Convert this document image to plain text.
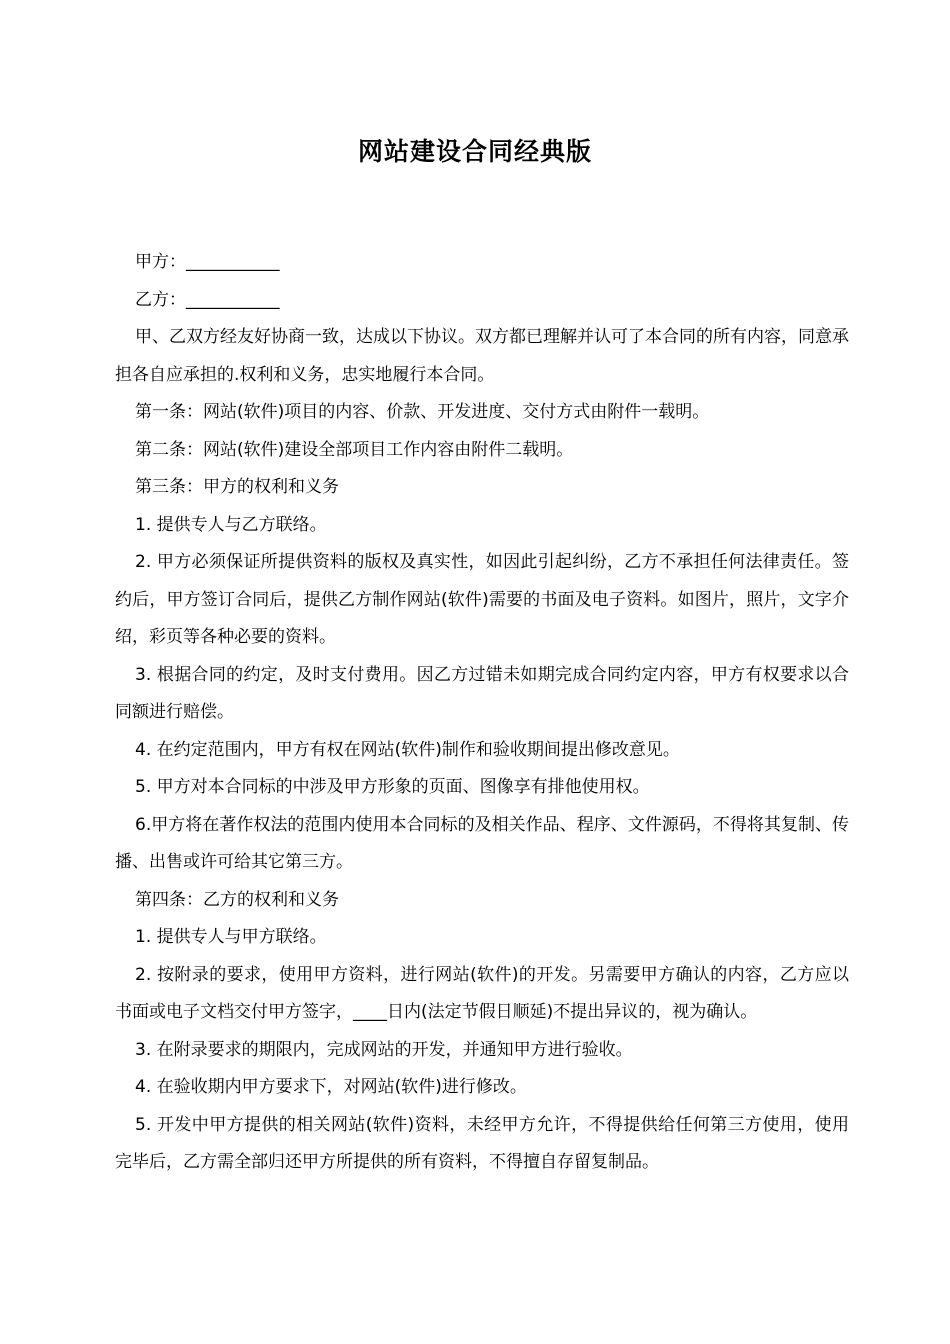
网站建设合同经典版

甲方：___________

乙方：___________

甲、乙双方经友好协商一致，达成以下协议。双方都已理解并认可了本合同的所有内容，同意承担各自应承担的.权利和义务，忠实地履行本合同。

第一条：网站(软件)项目的内容、价款、开发进度、交付方式由附件一载明。

第二条：网站(软件)建设全部项目工作内容由附件二载明。

第三条：甲方的权利和义务

1. 提供专人与乙方联络。

2. 甲方必须保证所提供资料的版权及真实性，如因此引起纠纷，乙方不承担任何法律责任。签约后，甲方签订合同后，提供乙方制作网站(软件)需要的书面及电子资料。如图片，照片，文字介绍，彩页等各种必要的资料。

3. 根据合同的约定，及时支付费用。因乙方过错未如期完成合同约定内容，甲方有权要求以合同额进行赔偿。

4. 在约定范围内，甲方有权在网站(软件)制作和验收期间提出修改意见。

5. 甲方对本合同标的中涉及甲方形象的页面、图像享有排他使用权。

6.甲方将在著作权法的范围内使用本合同标的及相关作品、程序、文件源码，不得将其复制、传播、出售或许可给其它第三方。

第四条：乙方的权利和义务

1. 提供专人与甲方联络。

2. 按附录的要求，使用甲方资料，进行网站(软件)的开发。另需要甲方确认的内容，乙方应以书面或电子文档交付甲方签字，____日内(法定节假日顺延)不提出异议的，视为确认。

3. 在附录要求的期限内，完成网站的开发，并通知甲方进行验收。

4. 在验收期内甲方要求下，对网站(软件)进行修改。

5. 开发中甲方提供的相关网站(软件)资料，未经甲方允许，不得提供给任何第三方使用，使用完毕后，乙方需全部归还甲方所提供的所有资料，不得擅自存留复制品。
